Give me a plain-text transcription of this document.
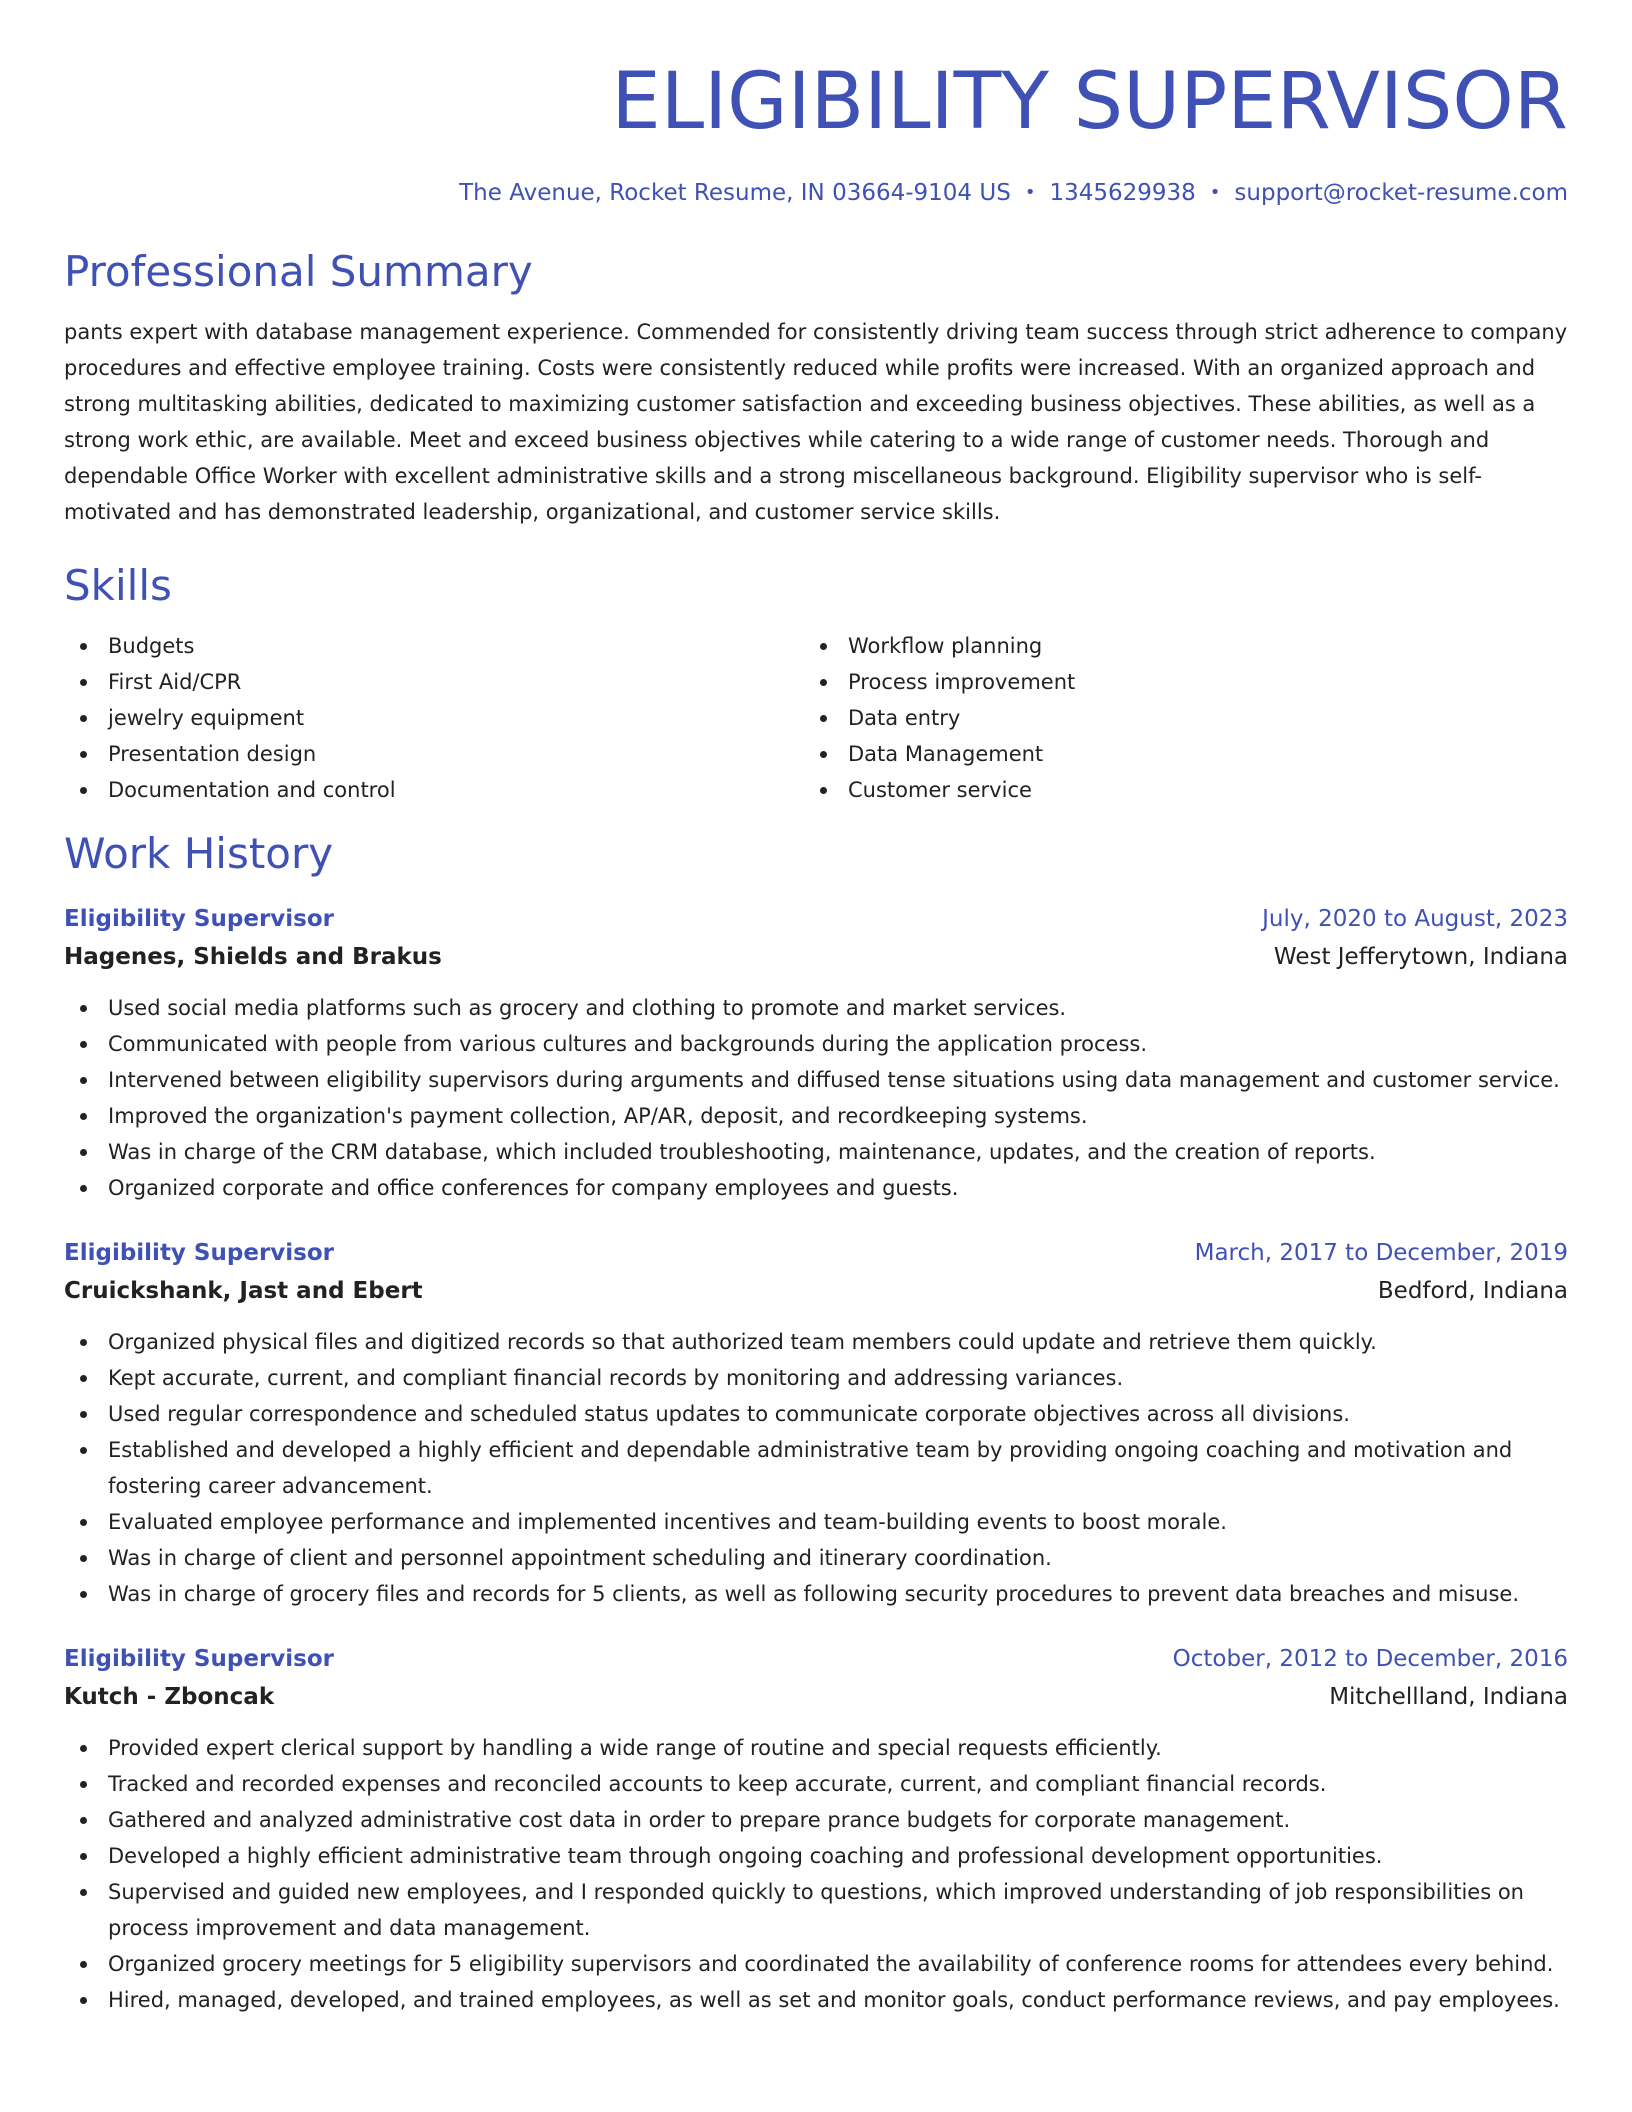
ELIGIBILITY SUPERVISOR
The Avenue, Rocket Resume, IN 03664-9104 US • 1345629938 • support@rocket-resume.com
Professional Summary
pants expert with database management experience. Commended for consistently driving team success through strict adherence to company procedures and effective employee training. Costs were consistently reduced while profits were increased. With an organized approach and strong multitasking abilities, dedicated to maximizing customer satisfaction and exceeding business objectives. These abilities, as well as a strong work ethic, are available. Meet and exceed business objectives while catering to a wide range of customer needs. Thorough and dependable Office Worker with excellent administrative skills and a strong miscellaneous background. Eligibility supervisor who is self-motivated and has demonstrated leadership, organizational, and customer service skills.
Skills
Budgets
First Aid/CPR
jewelry equipment
Presentation design
Documentation and control
Workflow planning
Process improvement
Data entry
Data Management
Customer service
Work History
Eligibility Supervisor	July, 2020 to August, 2023
Hagenes, Shields and Brakus	West Jefferytown, Indiana
Used social media platforms such as grocery and clothing to promote and market services.
Communicated with people from various cultures and backgrounds during the application process.
Intervened between eligibility supervisors during arguments and diffused tense situations using data management and customer service.
Improved the organization's payment collection, AP/AR, deposit, and recordkeeping systems.
Was in charge of the CRM database, which included troubleshooting, maintenance, updates, and the creation of reports.
Organized corporate and office conferences for company employees and guests.
Eligibility Supervisor	March, 2017 to December, 2019
Cruickshank, Jast and Ebert	Bedford, Indiana
Organized physical files and digitized records so that authorized team members could update and retrieve them quickly.
Kept accurate, current, and compliant financial records by monitoring and addressing variances.
Used regular correspondence and scheduled status updates to communicate corporate objectives across all divisions.
Established and developed a highly efficient and dependable administrative team by providing ongoing coaching and motivation and fostering career advancement.
Evaluated employee performance and implemented incentives and team-building events to boost morale.
Was in charge of client and personnel appointment scheduling and itinerary coordination.
Was in charge of grocery files and records for 5 clients, as well as following security procedures to prevent data breaches and misuse.
Eligibility Supervisor	October, 2012 to December, 2016
Kutch - Zboncak	Mitchellland, Indiana
Provided expert clerical support by handling a wide range of routine and special requests efficiently.
Tracked and recorded expenses and reconciled accounts to keep accurate, current, and compliant financial records.
Gathered and analyzed administrative cost data in order to prepare prance budgets for corporate management.
Developed a highly efficient administrative team through ongoing coaching and professional development opportunities.
Supervised and guided new employees, and I responded quickly to questions, which improved understanding of job responsibilities on process improvement and data management.
Organized grocery meetings for 5 eligibility supervisors and coordinated the availability of conference rooms for attendees every behind.
Hired, managed, developed, and trained employees, as well as set and monitor goals, conduct performance reviews, and pay employees.
